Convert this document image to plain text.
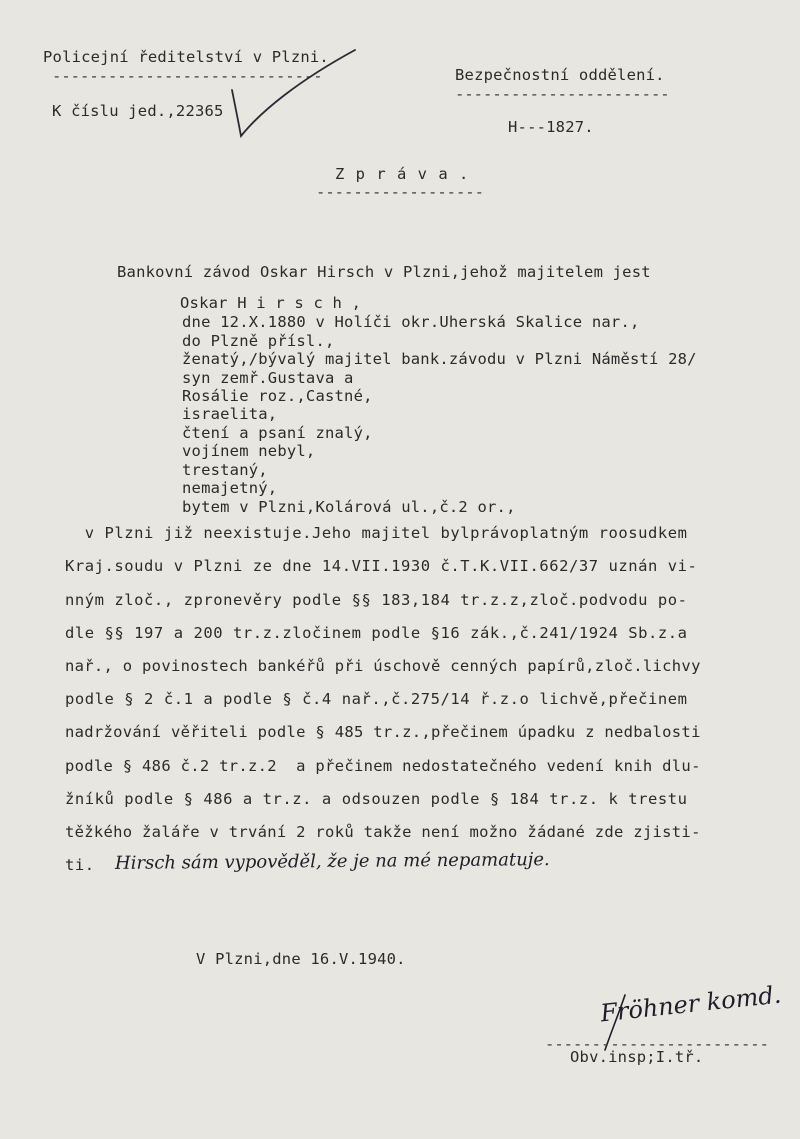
Policejní ředitelství v Plzni.
-----------------------------
K číslu jed.,22365
Bezpečnostní oddělení.
-----------------------
H---1827.
Z p r á v a .
------------------
Bankovní závod Oskar Hirsch v Plzni,jehož majitelem jest
Oskar H i r s c h ,
dne 12.X.1880 v Holíči okr.Uherská Skalice nar.,
do Plzně přísl.,
ženatý,/bývalý majitel bank.závodu v Plzni Náměstí 28/
syn zemř.Gustava a
Rosálie roz.,Castné,
israelita,
čtení a psaní znalý,
vojínem nebyl,
trestaný,
nemajetný,
bytem v Plzni,Kolárová ul.,č.2 or.,
v Plzni již neexistuje.Jeho majitel bylprávoplatným roosudkem
Kraj.soudu v Plzni ze dne 14.VII.1930 č.T.K.VII.662/37 uznán vi-
nným zloč., zpronevěry podle §§ 183,184 tr.z.z,zloč.podvodu po-
dle §§ 197 a 200 tr.z.zločinem podle §16 zák.,č.241/1924 Sb.z.a
nař., o povinostech bankéřů při úschově cenných papírů,zloč.lichvy
podle § 2 č.1 a podle § č.4 nař.,č.275/14 ř.z.o lichvě,přečinem
nadržování věřiteli podle § 485 tr.z.,přečinem úpadku z nedbalosti
podle § 486 č.2 tr.z.2  a přečinem nedostatečného vedení knih dlu-
žníků podle § 486 a tr.z. a odsouzen podle § 184 tr.z. k trestu
těžkého žaláře v trvání 2 roků takže není možno žádané zde zjisti-
ti. Hirsch sám vypověděl, že je na mé nepamatuje.
V Plzni,dne 16.V.1940.
Fröhner komd.
------------------------
Obv.insp;I.tř.
